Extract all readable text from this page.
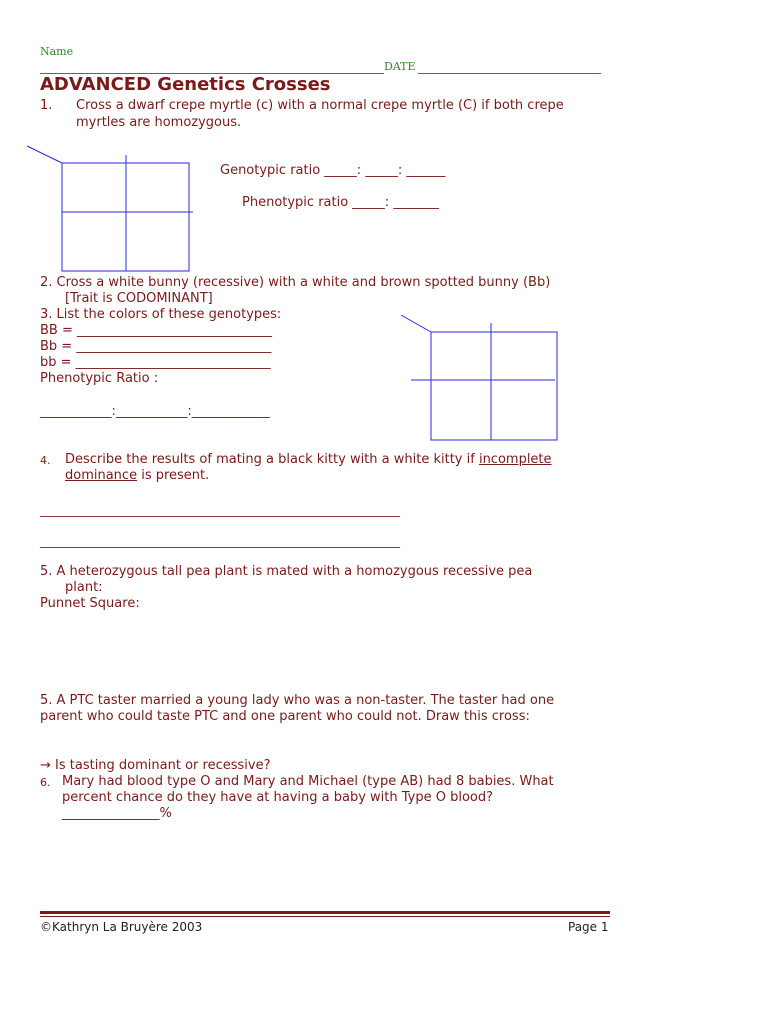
Name
DATE
ADVANCED Genetics Crosses
1. Cross a dwarf crepe myrtle (c) with a normal crepe myrtle (C) if both crepe
myrtles are homozygous.
Genotypic ratio _____: _____: ______
Phenotypic ratio _____: _______
2. Cross a white bunny (recessive) with a white and brown spotted bunny (Bb)
[Trait is CODOMINANT]
3. List the colors of these genotypes:
BB = ______________________________
Bb = ______________________________
bb = ______________________________
Phenotypic Ratio :
___________:___________:____________
4. Describe the results of mating a black kitty with a white kitty if incomplete
dominance is present.
____________________________________________________________
____________________________________________________________
5. A heterozygous tall pea plant is mated with a homozygous recessive pea
plant:
Punnet Square:
5. A PTC taster married a young lady who was a non-taster. The taster had one
parent who could taste PTC and one parent who could not. Draw this cross:
→ Is tasting dominant or recessive?
6. Mary had blood type O and Mary and Michael (type AB) had 8 babies. What
percent chance do they have at having a baby with Type O blood?
_______________%
©Kathryn La Bruyère 2003	Page 1
